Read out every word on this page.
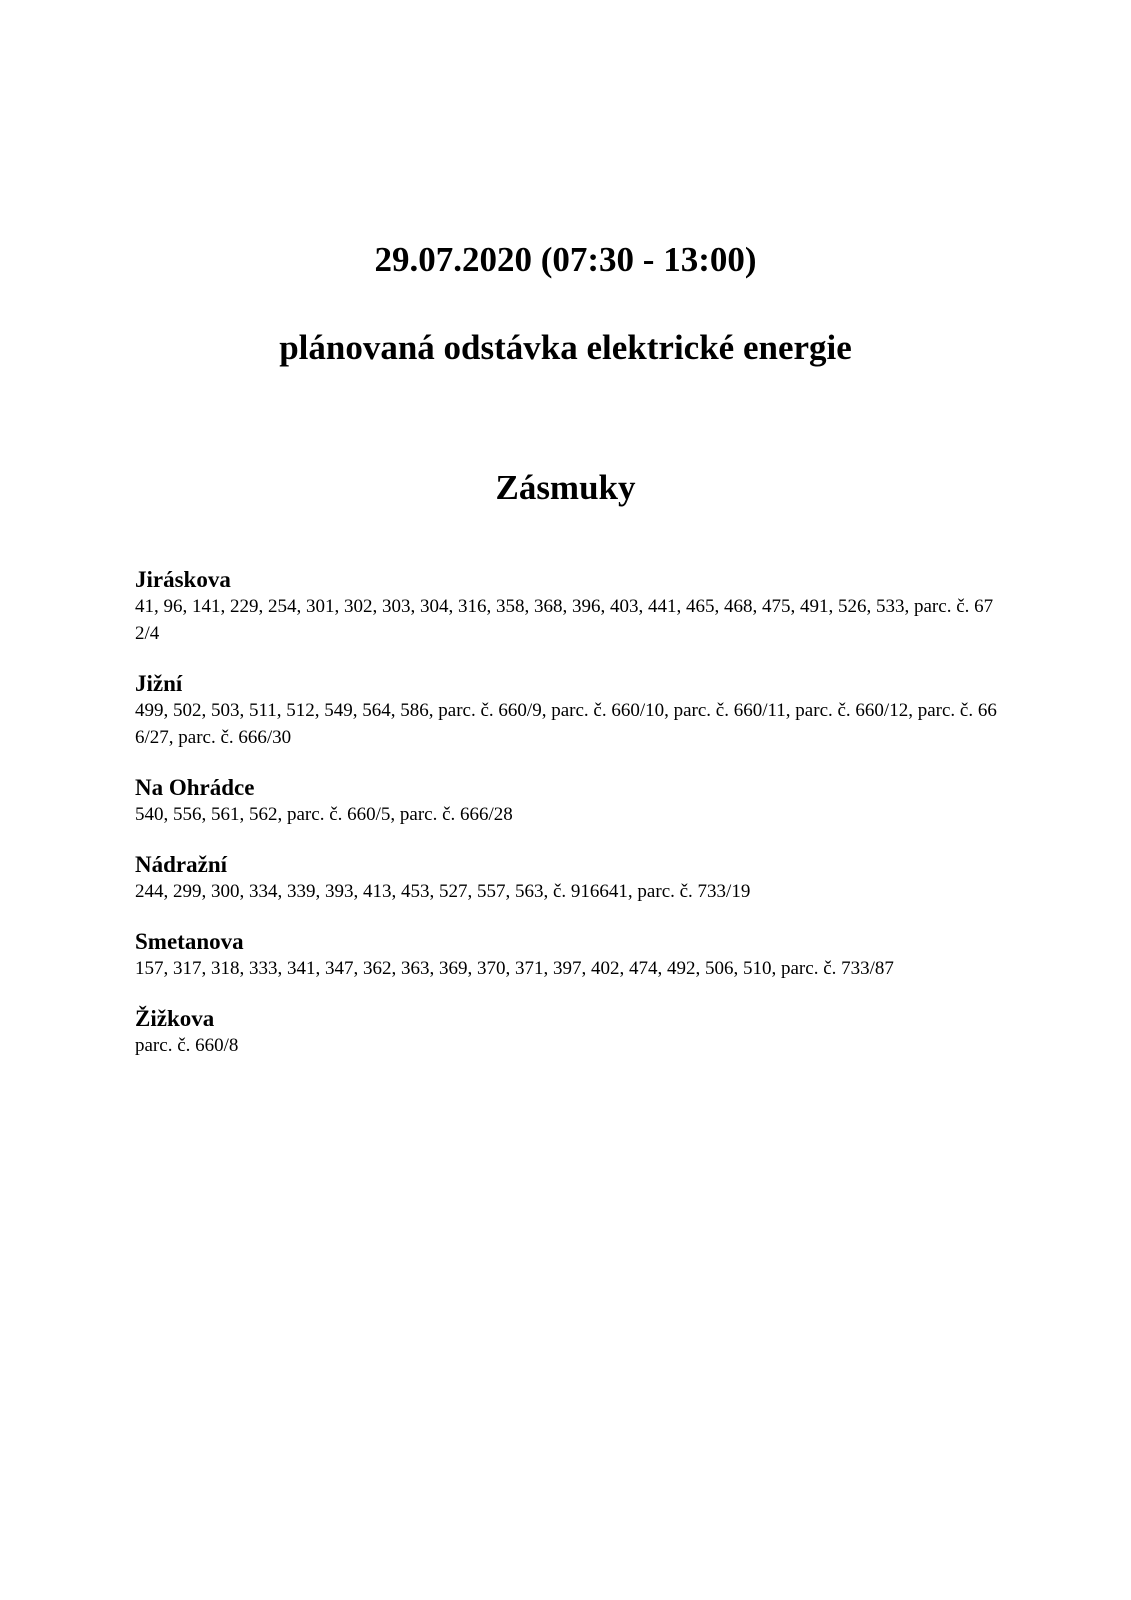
29.07.2020 (07:30 - 13:00)
plánovaná odstávka elektrické energie
Zásmuky
Jiráskova
41, 96, 141, 229, 254, 301, 302, 303, 304, 316, 358, 368, 396, 403, 441, 465, 468, 475, 491, 526, 533, parc. č. 672/4
Jižní
499, 502, 503, 511, 512, 549, 564, 586, parc. č. 660/9, parc. č. 660/10, parc. č. 660/11, parc. č. 660/12, parc. č. 666/27, parc. č. 666/30
Na Ohrádce
540, 556, 561, 562, parc. č. 660/5, parc. č. 666/28
Nádražní
244, 299, 300, 334, 339, 393, 413, 453, 527, 557, 563, č. 916641, parc. č. 733/19
Smetanova
157, 317, 318, 333, 341, 347, 362, 363, 369, 370, 371, 397, 402, 474, 492, 506, 510, parc. č. 733/87
Žižkova
parc. č. 660/8
